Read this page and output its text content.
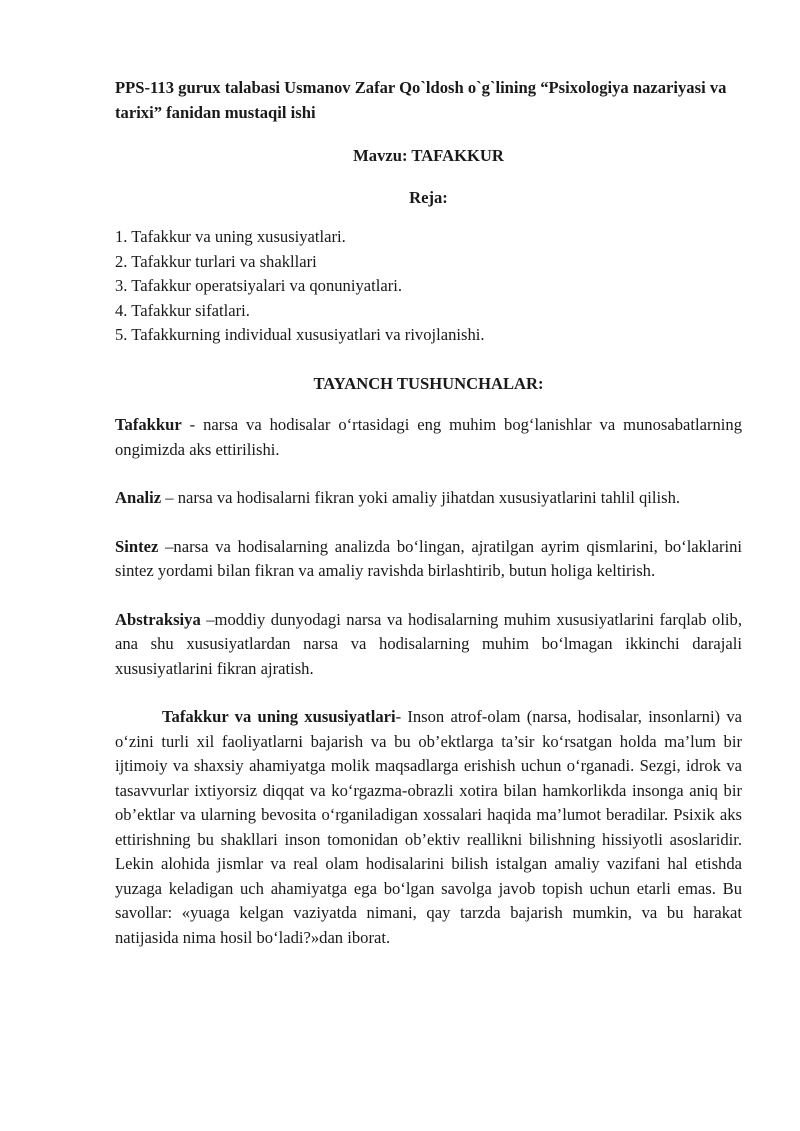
PPS-113 gurux talabasi Usmanov Zafar Qo`ldosh o`g`lining “Psixologiya nazariyasi va tarixi” fanidan mustaqil ishi

Mavzu: TAFAKKUR

Reja:

1. Tafakkur va uning xususiyatlari.
2. Tafakkur turlari va shakllari
3. Tafakkur operatsiyalari va qonuniyatlari.
4. Tafakkur sifatlari.
5. Tafakkurning individual xususiyatlari va rivojlanishi.

TAYANCH TUSHUNCHALAR:

Tafakkur - narsa va hodisalar o‘rtasidagi eng muhim bog‘lanishlar va munosabatlarning ongimizda aks ettirilishi.

Analiz – narsa va hodisalarni fikran yoki amaliy jihatdan xususiyatlarini tahlil qilish.

Sintez –narsa va hodisalarning analizda bo‘lingan, ajratilgan ayrim qismlarini, bo‘laklarini sintez yordami bilan fikran va amaliy ravishda birlashtirib, butun holiga keltirish.

Abstraksiya –moddiy dunyodagi narsa va hodisalarning muhim xususiyatlarini farqlab olib, ana shu xususiyatlardan narsa va hodisalarning muhim bo‘lmagan ikkinchi darajali xususiyatlarini fikran ajratish.

Tafakkur va uning xususiyatlari- Inson atrof-olam (narsa, hodisalar, insonlarni) va o‘zini turli xil faoliyatlarni bajarish va bu ob’ektlarga ta’sir ko‘rsatgan holda ma’lum bir ijtimoiy va shaxsiy ahamiyatga molik maqsadlarga erishish uchun o‘rganadi. Sezgi, idrok va tasavvurlar ixtiyorsiz diqqat va ko‘rgazma-obrazli xotira bilan hamkorlikda insonga aniq bir ob’ektlar va ularning bevosita o‘rganiladigan xossalari haqida ma’lumot beradilar. Psixik aks ettirishning bu shakllari inson tomonidan ob’ektiv reallikni bilishning hissiyotli asoslaridir. Lekin alohida jismlar va real olam hodisalarini bilish istalgan amaliy vazifani hal etishda yuzaga keladigan uch ahamiyatga ega bo‘lgan savolga javob topish uchun etarli emas. Bu savollar: «yuaga kelgan vaziyatda nimani, qay tarzda bajarish mumkin, va bu harakat natijasida nima hosil bo‘ladi?»dan iborat.
